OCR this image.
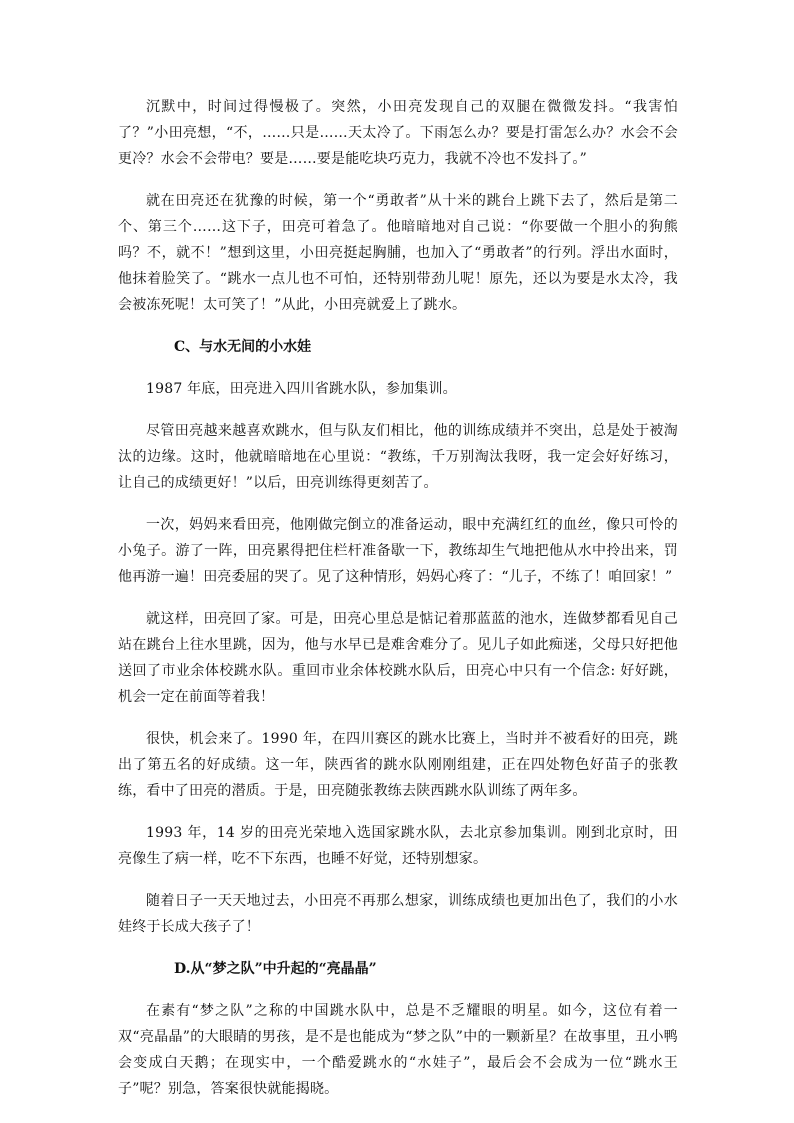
沉默中，时间过得慢极了。突然，小田亮发现自己的双腿在微微发抖。“我害怕了？”小田亮想，“不，……只是……天太冷了。下雨怎么办？要是打雷怎么办？水会不会更冷？水会不会带电？要是……要是能吃块巧克力，我就不冷也不发抖了。”

就在田亮还在犹豫的时候，第一个“勇敢者”从十米的跳台上跳下去了，然后是第二个、第三个……这下子，田亮可着急了。他暗暗地对自己说：“你要做一个胆小的狗熊吗？不，就不！”想到这里，小田亮挺起胸脯，也加入了“勇敢者”的行列。浮出水面时，他抹着脸笑了。“跳水一点儿也不可怕，还特别带劲儿呢！原先，还以为要是水太冷，我会被冻死呢！太可笑了！”从此，小田亮就爱上了跳水。

C、与水无间的小水娃

1987 年底，田亮进入四川省跳水队，参加集训。

尽管田亮越来越喜欢跳水，但与队友们相比，他的训练成绩并不突出，总是处于被淘汰的边缘。这时，他就暗暗地在心里说：“教练，千万别淘汰我呀，我一定会好好练习，让自己的成绩更好！”以后，田亮训练得更刻苦了。

一次，妈妈来看田亮，他刚做完倒立的准备运动，眼中充满红红的血丝，像只可怜的小兔子。游了一阵，田亮累得把住栏杆准备歇一下，教练却生气地把他从水中拎出来，罚他再游一遍！田亮委屈的哭了。见了这种情形，妈妈心疼了：“儿子，不练了！咱回家！”

就这样，田亮回了家。可是，田亮心里总是惦记着那蓝蓝的池水，连做梦都看见自己站在跳台上往水里跳，因为，他与水早已是难舍难分了。见儿子如此痴迷，父母只好把他送回了市业余体校跳水队。重回市业余体校跳水队后，田亮心中只有一个信念: 好好跳，机会一定在前面等着我！

很快，机会来了。1990 年，在四川赛区的跳水比赛上，当时并不被看好的田亮，跳出了第五名的好成绩。这一年，陕西省的跳水队刚刚组建，正在四处物色好苗子的张教练，看中了田亮的潜质。于是，田亮随张教练去陕西跳水队训练了两年多。

1993 年，14 岁的田亮光荣地入选国家跳水队，去北京参加集训。刚到北京时，田亮像生了病一样，吃不下东西，也睡不好觉，还特别想家。

随着日子一天天地过去，小田亮不再那么想家，训练成绩也更加出色了，我们的小水娃终于长成大孩子了！

D.从“梦之队”中升起的“亮晶晶”

在素有“梦之队”之称的中国跳水队中，总是不乏耀眼的明星。如今，这位有着一双“亮晶晶”的大眼睛的男孩，是不是也能成为“梦之队”中的一颗新星？在故事里，丑小鸭会变成白天鹅；在现实中，一个酷爱跳水的“水娃子”，最后会不会成为一位“跳水王子”呢？别急，答案很快就能揭晓。
